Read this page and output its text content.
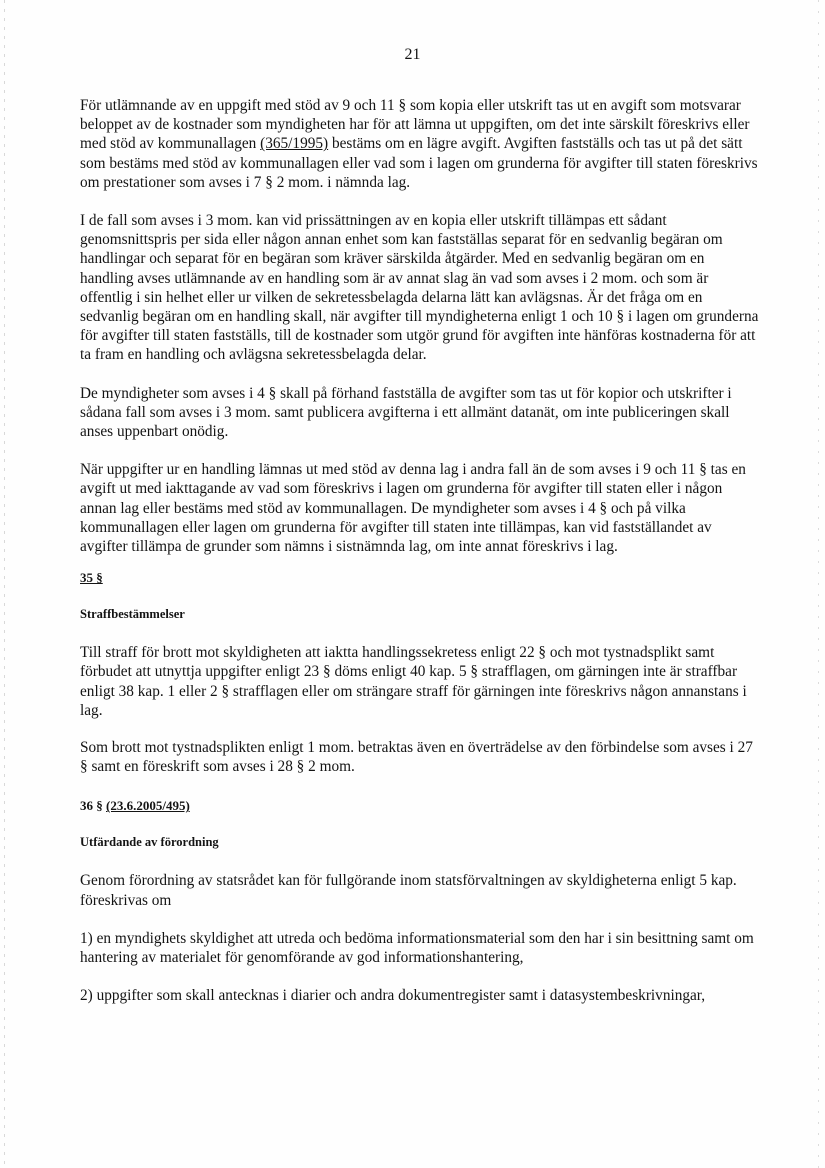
21

För utlämnande av en uppgift med stöd av 9 och 11 § som kopia eller utskrift tas ut en avgift som motsvarar beloppet av de kostnader som myndigheten har för att lämna ut uppgiften, om det inte särskilt föreskrivs eller med stöd av kommunallagen (365/1995) bestäms om en lägre avgift. Avgiften fastställs och tas ut på det sätt som bestäms med stöd av kommunallagen eller vad som i lagen om grunderna för avgifter till staten föreskrivs om prestationer som avses i 7 § 2 mom. i nämnda lag.

I de fall som avses i 3 mom. kan vid prissättningen av en kopia eller utskrift tillämpas ett sådant genomsnittspris per sida eller någon annan enhet som kan fastställas separat för en sedvanlig begäran om handlingar och separat för en begäran som kräver särskilda åtgärder. Med en sedvanlig begäran om en handling avses utlämnande av en handling som är av annat slag än vad som avses i 2 mom. och som är offentlig i sin helhet eller ur vilken de sekretessbelagda delarna lätt kan avlägsnas. Är det fråga om en sedvanlig begäran om en handling skall, när avgifter till myndigheterna enligt 1 och 10 § i lagen om grunderna för avgifter till staten fastställs, till de kostnader som utgör grund för avgiften inte hänföras kostnaderna för att ta fram en handling och avlägsna sekretessbelagda delar.

De myndigheter som avses i 4 § skall på förhand fastställa de avgifter som tas ut för kopior och utskrifter i sådana fall som avses i 3 mom. samt publicera avgifterna i ett allmänt datanät, om inte publiceringen skall anses uppenbart onödig.

När uppgifter ur en handling lämnas ut med stöd av denna lag i andra fall än de som avses i 9 och 11 § tas en avgift ut med iakttagande av vad som föreskrivs i lagen om grunderna för avgifter till staten eller i någon annan lag eller bestäms med stöd av kommunallagen. De myndigheter som avses i 4 § och på vilka kommunallagen eller lagen om grunderna för avgifter till staten inte tillämpas, kan vid fastställandet av avgifter tillämpa de grunder som nämns i sistnämnda lag, om inte annat föreskrivs i lag.

35 §

Straffbestämmelser

Till straff för brott mot skyldigheten att iaktta handlingssekretess enligt 22 § och mot tystnadsplikt samt förbudet att utnyttja uppgifter enligt 23 § döms enligt 40 kap. 5 § strafflagen, om gärningen inte är straffbar enligt 38 kap. 1 eller 2 § strafflagen eller om strängare straff för gärningen inte föreskrivs någon annanstans i lag.

Som brott mot tystnadsplikten enligt 1 mom. betraktas även en överträdelse av den förbindelse som avses i 27 § samt en föreskrift som avses i 28 § 2 mom.

36 § (23.6.2005/495)

Utfärdande av förordning

Genom förordning av statsrådet kan för fullgörande inom statsförvaltningen av skyldigheterna enligt 5 kap. föreskrivas om

1) en myndighets skyldighet att utreda och bedöma informationsmaterial som den har i sin besittning samt om hantering av materialet för genomförande av god informationshantering,

2) uppgifter som skall antecknas i diarier och andra dokumentregister samt i datasystembeskrivningar,
